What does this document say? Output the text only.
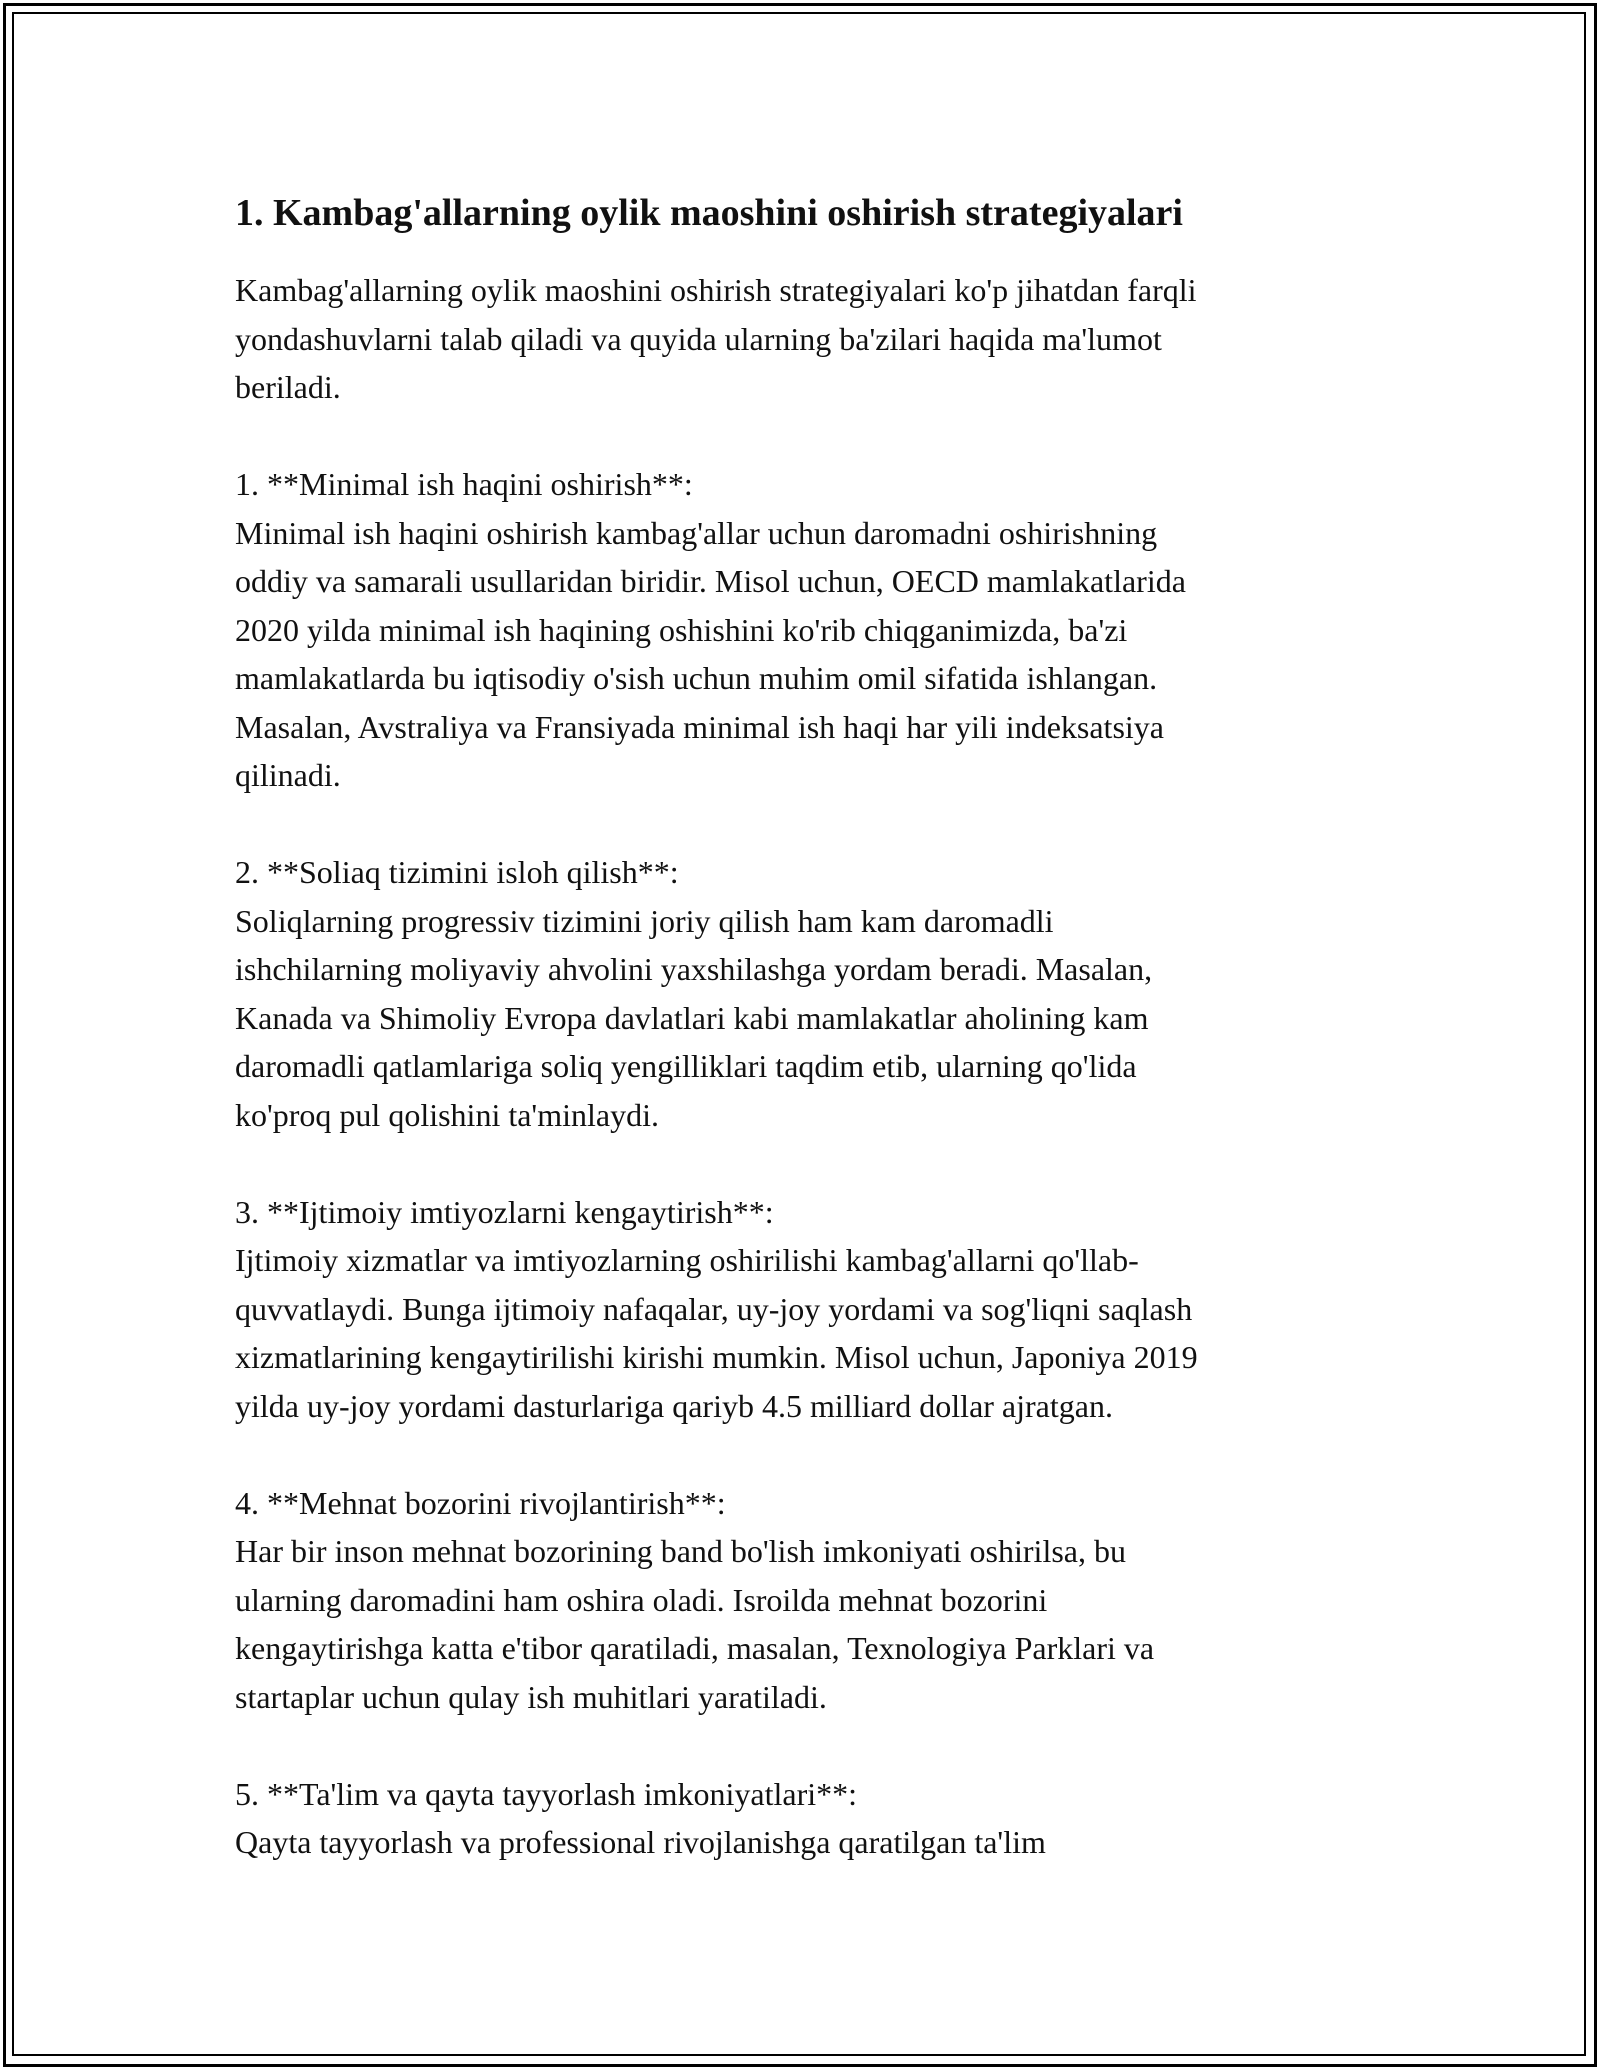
1. Kambag'allarning oylik maoshini oshirish strategiyalari

Kambag'allarning oylik maoshini oshirish strategiyalari ko'p jihatdan farqli
yondashuvlarni talab qiladi va quyida ularning ba'zilari haqida ma'lumot
beriladi.

1. **Minimal ish haqini oshirish**:

Minimal ish haqini oshirish kambag'allar uchun daromadni oshirishning
oddiy va samarali usullaridan biridir. Misol uchun, OECD mamlakatlarida
2020 yilda minimal ish haqining oshishini ko'rib chiqganimizda, ba'zi
mamlakatlarda bu iqtisodiy o'sish uchun muhim omil sifatida ishlangan.
Masalan, Avstraliya va Fransiyada minimal ish haqi har yili indeksatsiya
qilinadi.

2. **Soliaq tizimini isloh qilish**:

Soliqlarning progressiv tizimini joriy qilish ham kam daromadli
ishchilarning moliyaviy ahvolini yaxshilashga yordam beradi. Masalan,
Kanada va Shimoliy Evropa davlatlari kabi mamlakatlar aholining kam
daromadli qatlamlariga soliq yengilliklari taqdim etib, ularning qo'lida
ko'proq pul qolishini ta'minlaydi.

3. **Ijtimoiy imtiyozlarni kengaytirish**:

Ijtimoiy xizmatlar va imtiyozlarning oshirilishi kambag'allarni qo'llab-
quvvatlaydi. Bunga ijtimoiy nafaqalar, uy-joy yordami va sog'liqni saqlash
xizmatlarining kengaytirilishi kirishi mumkin. Misol uchun, Japoniya 2019
yilda uy-joy yordami dasturlariga qariyb 4.5 milliard dollar ajratgan.

4. **Mehnat bozorini rivojlantirish**:

Har bir inson mehnat bozorining band bo'lish imkoniyati oshirilsa, bu
ularning daromadini ham oshira oladi. Isroilda mehnat bozorini
kengaytirishga katta e'tibor qaratiladi, masalan, Texnologiya Parklari va
startaplar uchun qulay ish muhitlari yaratiladi.

5. **Ta'lim va qayta tayyorlash imkoniyatlari**:

Qayta tayyorlash va professional rivojlanishga qaratilgan ta'lim
